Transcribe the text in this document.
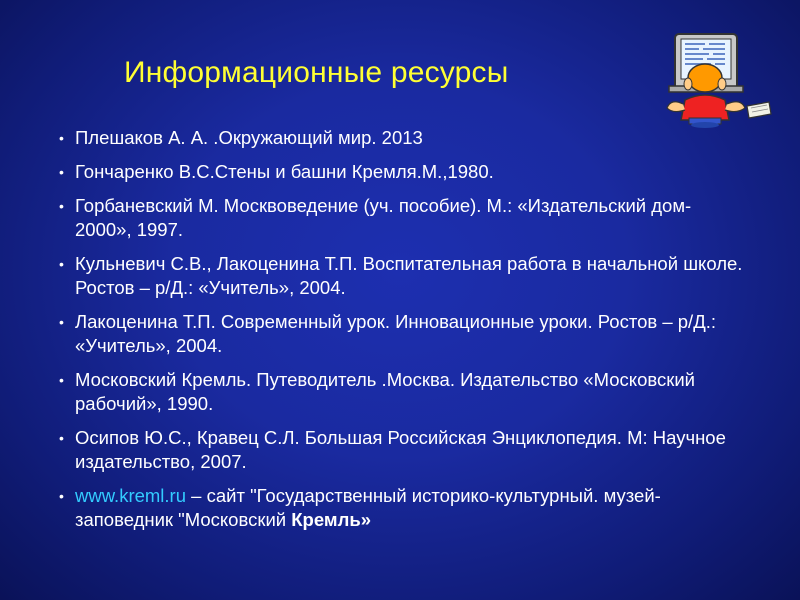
Информационные ресурсы
• Плешаков А. А. .Окружающий мир. 2013
• Гончаренко В.С.Стены и башни Кремля.М.,1980.
• Горбаневский М. Москвоведение (уч. пособие). М.: «Издательский дом- 2000», 1997.
• Кульневич С.В., Лакоценина Т.П. Воспитательная работа в начальной школе. Ростов – р/Д.: «Учитель», 2004.
• Лакоценина Т.П. Современный урок. Инновационные уроки. Ростов – р/Д.: «Учитель», 2004.
• Московский Кремль. Путеводитель .Москва. Издательство «Московский рабочий», 1990.
• Осипов Ю.С., Кравец С.Л. Большая Российская Энциклопедия. М: Научное издательство, 2007.
• www.kreml.ru – сайт "Государственный историко-культурный. музей-заповедник "Московский Кремль»
